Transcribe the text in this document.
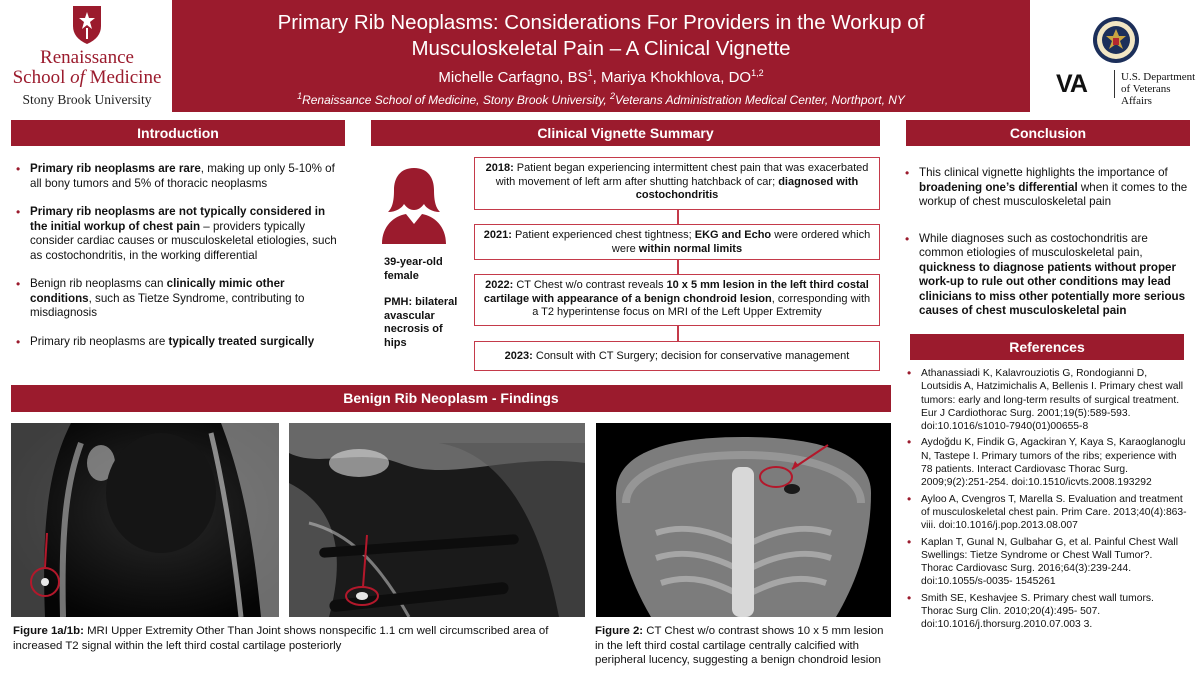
Renaissance
School of Medicine
Stony Brook University
Primary Rib Neoplasms: Considerations For Providers in the Workup of
Musculoskeletal Pain – A Clinical Vignette
Michelle Carfagno, $BS^1$, Mariya Khokhlova, DO$^{1,2}$
$^1$Renaissance School of Medicine, Stony Brook University, $^2$Veterans Administration Medical Center, Northport, NY
VA	U.S. Department
of Veterans Affairs
Introduction
• Primary rib neoplasms are rare, making up only 5-10% of all bony tumors and 5% of thoracic neoplasms
• Primary rib neoplasms are not typically considered in the initial workup of chest pain – providers typically consider cardiac causes or musculoskeletal etiologies, such as costochondritis, in the working differential
• Benign rib neoplasms can clinically mimic other conditions, such as Tietze Syndrome, contributing to misdiagnosis
• Primary rib neoplasms are typically treated surgically
Clinical Vignette Summary
39-year-old female
PMH: bilateral avascular necrosis of hips
2018: Patient began experiencing intermittent chest pain that was exacerbated with movement of left arm after shutting hatchback of car; diagnosed with costochondritis
2021: Patient experienced chest tightness; EKG and Echo were ordered which were within normal limits
2022: CT Chest w/o contrast reveals 10 x 5 mm lesion in the left third costal cartilage with appearance of a benign chondroid lesion, corresponding with a T2 hyperintense focus on MRI of the Left Upper Extremity
2023: Consult with CT Surgery; decision for conservative management
Conclusion
• This clinical vignette highlights the importance of broadening one’s differential when it comes to the workup of chest musculoskeletal pain
• While diagnoses such as costochondritis are common etiologies of musculoskeletal pain, quickness to diagnose patients without proper work-up to rule out other conditions may lead clinicians to miss other potentially more serious causes of chest musculoskeletal pain
References
• Athanassiadi K, Kalavrouziotis G, Rondogianni D, Loutsidis A, Hatzimichalis A, Bellenis I. Primary chest wall tumors: early and long-term results of surgical treatment. Eur J Cardiothorac Surg. 2001;19(5):589-593. doi:10.1016/s1010-7940(01)00655-8
• Aydoğdu K, Findik G, Agackiran Y, Kaya S, Karaoglanoglu N, Tastepe I. Primary tumors of the ribs; experience with 78 patients. Interact Cardiovasc Thorac Surg. 2009;9(2):251-254. doi:10.1510/icvts.2008.193292
• Ayloo A, Cvengros T, Marella S. Evaluation and treatment of musculoskeletal chest pain. Prim Care. 2013;40(4):863-viii. doi:10.1016/j.pop.2013.08.007
• Kaplan T, Gunal N, Gulbahar G, et al. Painful Chest Wall Swellings: Tietze Syndrome or Chest Wall Tumor?. Thorac Cardiovasc Surg. 2016;64(3):239-244. doi:10.1055/s-0035- 1545261
• Smith SE, Keshavjee S. Primary chest wall tumors. Thorac Surg Clin. 2010;20(4):495- 507. doi:10.1016/j.thorsurg.2010.07.003 3.
Benign Rib Neoplasm - Findings
Figure 1a/1b: MRI Upper Extremity Other Than Joint shows nonspecific 1.1 cm well circumscribed area of increased T2 signal within the left third costal cartilage posteriorly
Figure 2: CT Chest w/o contrast shows 10 x 5 mm lesion in the left third costal cartilage centrally calcified with peripheral lucency, suggesting a benign chondroid lesion
